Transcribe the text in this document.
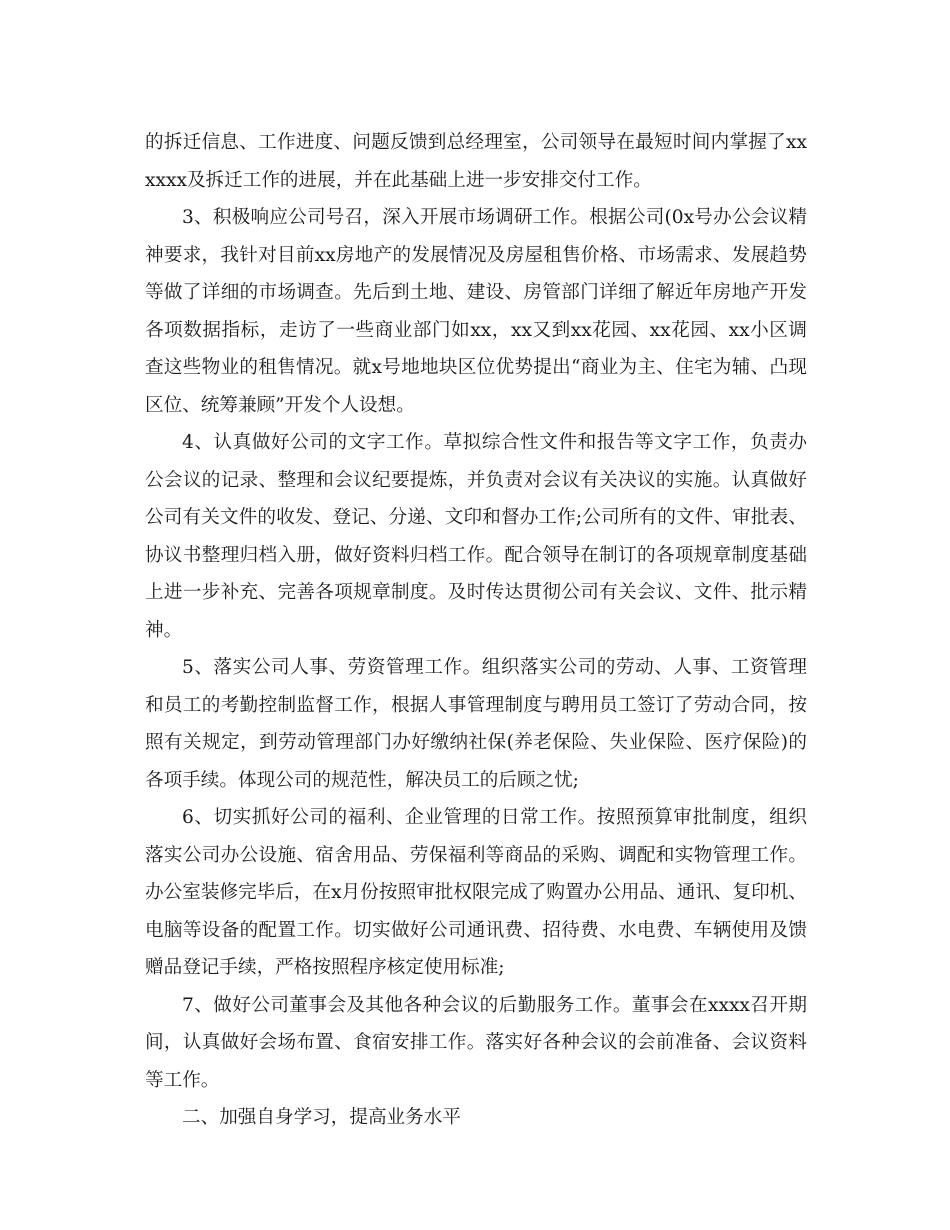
的拆迁信息、工作进度、问题反馈到总经理室，公司领导在最短时间内掌握了xxxxxx及拆迁工作的进展，并在此基础上进一步安排交付工作。

3、积极响应公司号召，深入开展市场调研工作。根据公司(0x号办公会议精神要求，我针对目前xx房地产的发展情况及房屋租售价格、市场需求、发展趋势等做了详细的市场调查。先后到土地、建设、房管部门详细了解近年房地产开发各项数据指标，走访了一些商业部门如xx，xx又到xx花园、xx花园、xx小区调查这些物业的租售情况。就x号地地块区位优势提出“商业为主、住宅为辅、凸现区位、统筹兼顾”开发个人设想。

4、认真做好公司的文字工作。草拟综合性文件和报告等文字工作，负责办公会议的记录、整理和会议纪要提炼，并负责对会议有关决议的实施。认真做好公司有关文件的收发、登记、分递、文印和督办工作;公司所有的文件、审批表、协议书整理归档入册，做好资料归档工作。配合领导在制订的各项规章制度基础上进一步补充、完善各项规章制度。及时传达贯彻公司有关会议、文件、批示精神。

5、落实公司人事、劳资管理工作。组织落实公司的劳动、人事、工资管理和员工的考勤控制监督工作，根据人事管理制度与聘用员工签订了劳动合同，按照有关规定，到劳动管理部门办好缴纳社保(养老保险、失业保险、医疗保险)的各项手续。体现公司的规范性，解决员工的后顾之忧;

6、切实抓好公司的福利、企业管理的日常工作。按照预算审批制度，组织落实公司办公设施、宿舍用品、劳保福利等商品的采购、调配和实物管理工作。办公室装修完毕后，在x月份按照审批权限完成了购置办公用品、通讯、复印机、电脑等设备的配置工作。切实做好公司通讯费、招待费、水电费、车辆使用及馈赠品登记手续，严格按照程序核定使用标准;

7、做好公司董事会及其他各种会议的后勤服务工作。董事会在xxxx召开期间，认真做好会场布置、食宿安排工作。落实好各种会议的会前准备、会议资料等工作。

二、加强自身学习，提高业务水平
